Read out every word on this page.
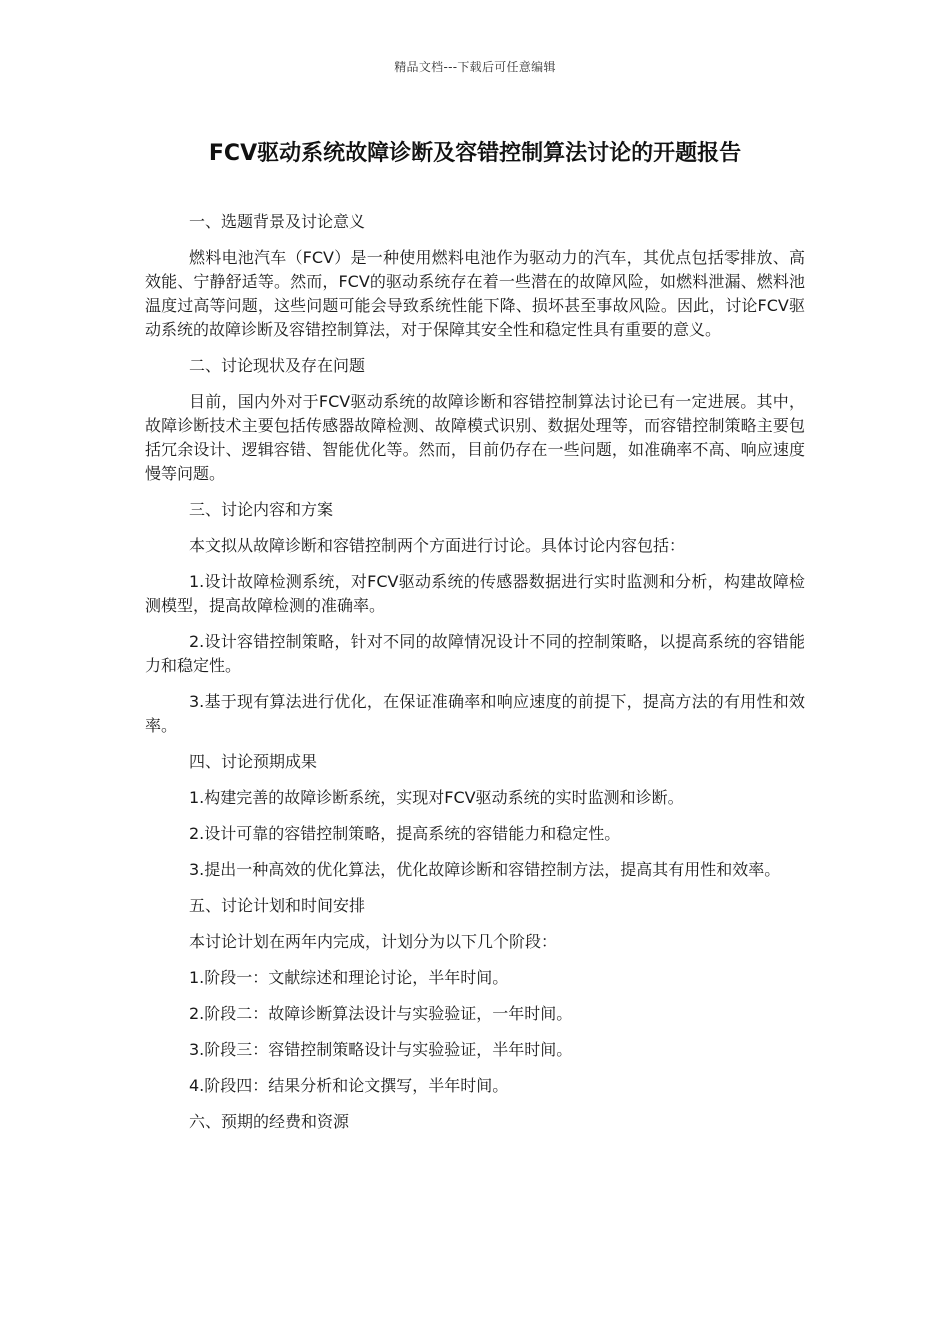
精品文档---下载后可任意编辑
FCV驱动系统故障诊断及容错控制算法讨论的开题报告

一、选题背景及讨论意义

燃料电池汽车（FCV）是一种使用燃料电池作为驱动力的汽车，其优点包括零排放、高效能、宁静舒适等。然而，FCV的驱动系统存在着一些潜在的故障风险，如燃料泄漏、燃料池温度过高等问题，这些问题可能会导致系统性能下降、损坏甚至事故风险。因此，讨论FCV驱动系统的故障诊断及容错控制算法，对于保障其安全性和稳定性具有重要的意义。

二、讨论现状及存在问题

目前，国内外对于FCV驱动系统的故障诊断和容错控制算法讨论已有一定进展。其中，故障诊断技术主要包括传感器故障检测、故障模式识别、数据处理等，而容错控制策略主要包括冗余设计、逻辑容错、智能优化等。然而，目前仍存在一些问题，如准确率不高、响应速度慢等问题。

三、讨论内容和方案

本文拟从故障诊断和容错控制两个方面进行讨论。具体讨论内容包括：

1.设计故障检测系统，对FCV驱动系统的传感器数据进行实时监测和分析，构建故障检测模型，提高故障检测的准确率。

2.设计容错控制策略，针对不同的故障情况设计不同的控制策略，以提高系统的容错能力和稳定性。

3.基于现有算法进行优化，在保证准确率和响应速度的前提下，提高方法的有用性和效率。

四、讨论预期成果

1.构建完善的故障诊断系统，实现对FCV驱动系统的实时监测和诊断。

2.设计可靠的容错控制策略，提高系统的容错能力和稳定性。

3.提出一种高效的优化算法，优化故障诊断和容错控制方法，提高其有用性和效率。

五、讨论计划和时间安排

本讨论计划在两年内完成，计划分为以下几个阶段：

1.阶段一：文献综述和理论讨论，半年时间。

2.阶段二：故障诊断算法设计与实验验证，一年时间。

3.阶段三：容错控制策略设计与实验验证，半年时间。

4.阶段四：结果分析和论文撰写，半年时间。

六、预期的经费和资源
